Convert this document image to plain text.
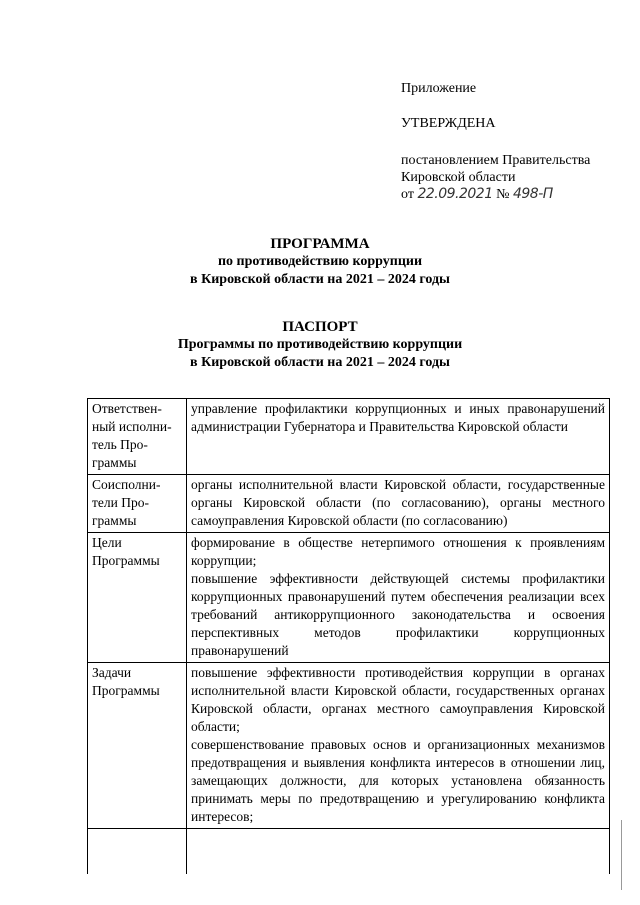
Приложение
УТВЕРЖДЕНА
постановлением Правительства
Кировской области
от 22.09.2021 № 498-П
ПРОГРАММА
по противодействию коррупции
в Кировской области на 2021 – 2024 годы
ПАСПОРТ
Программы по противодействию коррупции
в Кировской области на 2021 – 2024 годы
Ответствен-ный исполни-тель Про-граммы	управление профилактики коррупционных и иных правонарушений администрации Губернатора и Правительства Кировской области

Соисполни-тели Про-граммы	органы исполнительной власти Кировской области, государственные органы Кировской области (по согласованию), органы местного самоуправления Кировской области (по согласованию)

Цели Программы	формирование в обществе нетерпимого отношения к проявлениям коррупции;
повышение эффективности действующей системы профилактики коррупционных правонарушений путем обеспечения реализации всех требований антикоррупционного законодательства и освоения перспективных методов профилактики коррупционных правонарушений

Задачи Программы	повышение эффективности противодействия коррупции в органах исполнительной власти Кировской области, государственных органах Кировской области, органах местного самоуправления Кировской области;
совершенствование правовых основ и организационных механизмов предотвращения и выявления конфликта интересов в отношении лиц, замещающих должности, для которых установлена обязанность принимать меры по предотвращению и урегулированию конфликта интересов;
